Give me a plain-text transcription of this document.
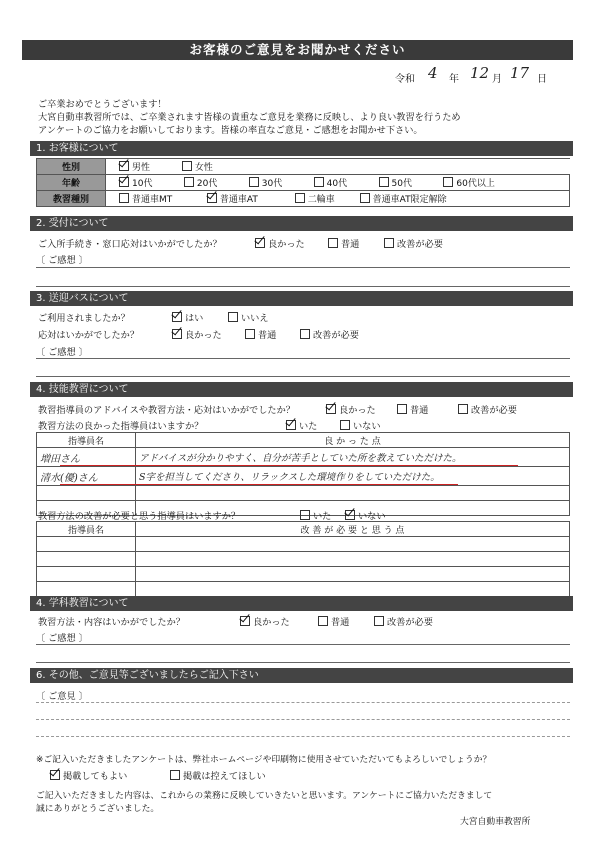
お客様のご意見をお聞かせください
令和 4 年 12 月 17 日
ご卒業おめでとうございます！
大宮自動車教習所では、ご卒業されます皆様の貴重なご意見を業務に反映し、より良い教習を行うため
アンケートのご協力をお願いしております。皆様の率直なご意見・ご感想をお聞かせ下さい。
1. お客様について
性別	男性 女性
年齢	10代 20代 30代 40代 50代 60代以上
教習種別	普通車MT 普通車AT 二輪車 普通車AT限定解除
2. 受付について
ご入所手続き・窓口応対はいかがでしたか？	良かった	普通	改善が必要
〔 ご感想 〕
3. 送迎バスについて
ご利用されましたか？	はい	いいえ
応対はいかがでしたか？	良かった	普通	改善が必要
〔 ご感想 〕
4. 技能教習について
教習指導員のアドバイスや教習方法・応対はいかがでしたか？	良かった	普通	改善が必要
教習方法の良かった指導員はいますか？	いた	いない
指導員名	良 か っ た 点
増田さん	アドバイスが分かりやすく、自分が苦手としていた所を教えていただけた。
清水(優)さん	S字を担当してくださり、リラックスした環境作りをしていただけた。

教習方法の改善が必要と思う指導員はいますか？	いた	いない
指導員名	改 善 が 必 要 と 思 う 点

4. 学科教習について
教習方法・内容はいかがでしたか？	良かった	普通	改善が必要
〔 ご感想 〕
6. その他、ご意見等ございましたらご記入下さい
〔 ご意見 〕
※ご記入いただきましたアンケートは、弊社ホームページや印刷物に使用させていただいてもよろしいでしょうか？
掲載してもよい	掲載は控えてほしい
ご記入いただきました内容は、これからの業務に反映していきたいと思います。アンケートにご協力いただきまして
誠にありがとうございました。
大宮自動車教習所
